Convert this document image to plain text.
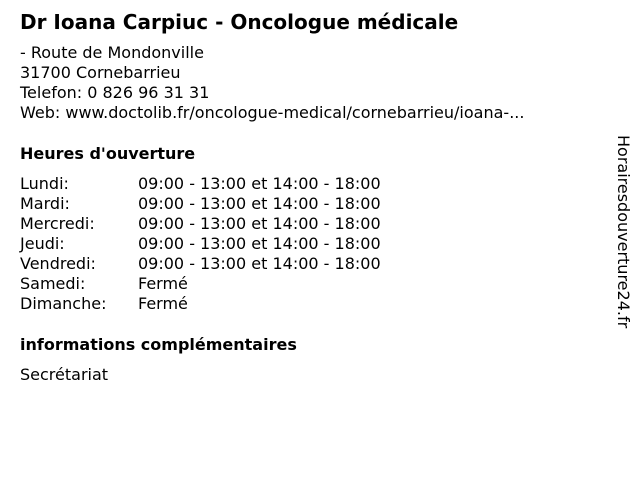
Dr Ioana Carpiuc - Oncologue médicale
- Route de Mondonville
31700 Cornebarrieu
Telefon: 0 826 96 31 31
Web: www.doctolib.fr/oncologue-medical/cornebarrieu/ioana-...
Heures d'ouverture
Lundi:	09:00 - 13:00 et 14:00 - 18:00
Mardi:	09:00 - 13:00 et 14:00 - 18:00
Mercredi:	09:00 - 13:00 et 14:00 - 18:00
Jeudi:	09:00 - 13:00 et 14:00 - 18:00
Vendredi:	09:00 - 13:00 et 14:00 - 18:00
Samedi:	Fermé
Dimanche:	Fermé
informations complémentaires
Secrétariat
Horairesdouverture24.fr
